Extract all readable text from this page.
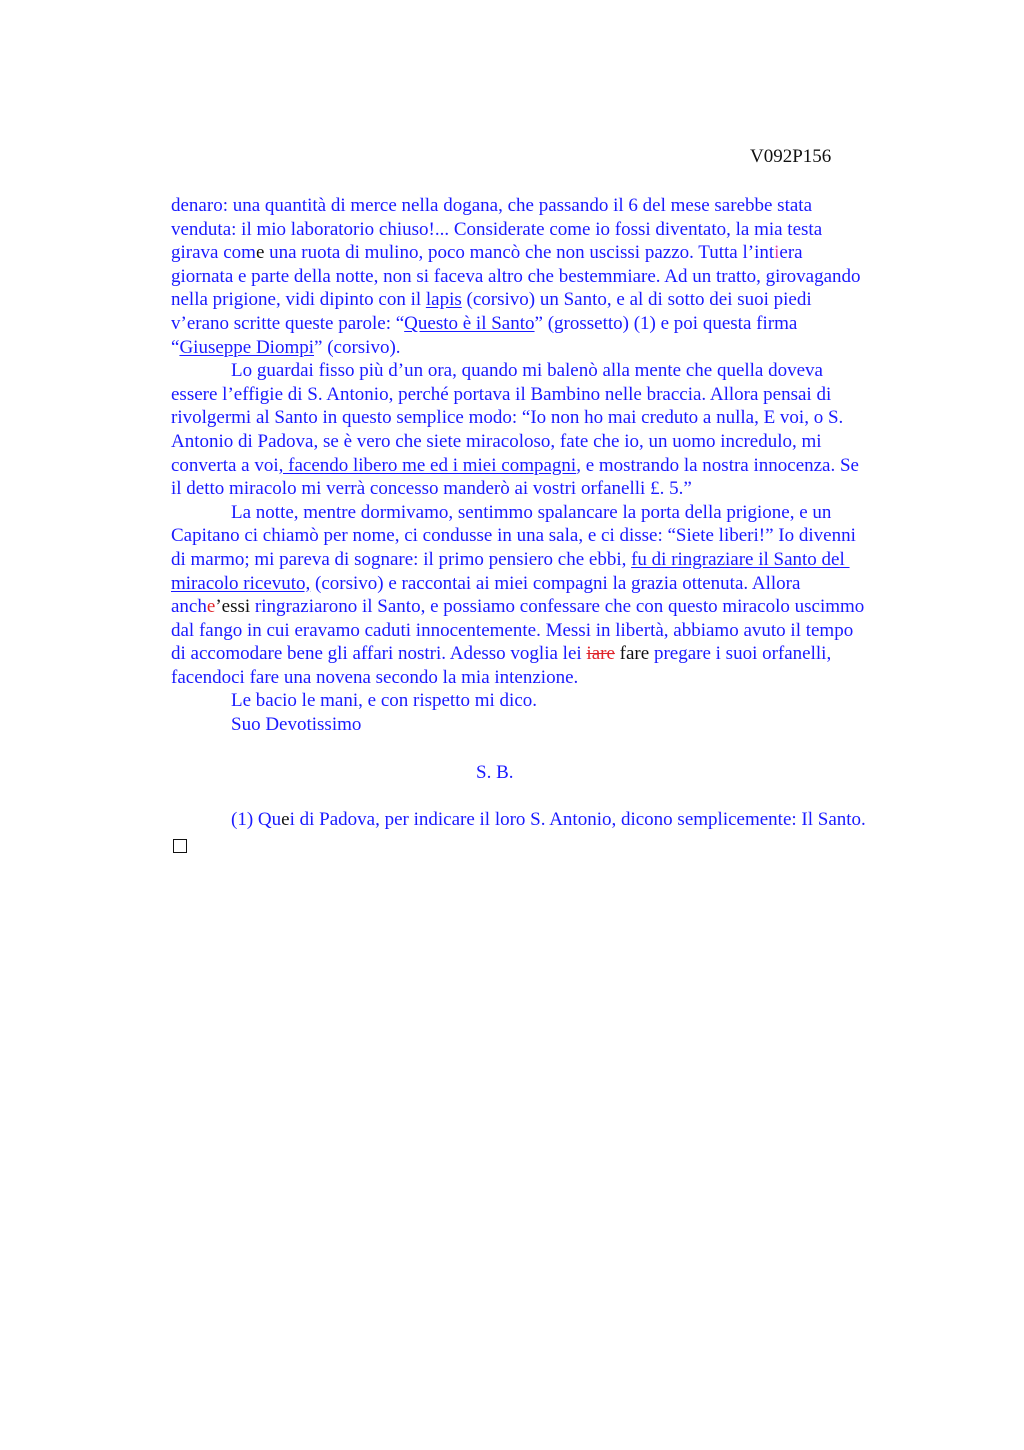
V092P156
denaro: una quantità di merce nella dogana, che passando il 6 del mese sarebbe stata
venduta: il mio laboratorio chiuso!... Considerate come io fossi diventato, la mia testa
girava come una ruota di mulino, poco mancò che non uscissi pazzo. Tutta l’intiera
giornata e parte della notte, non si faceva altro che bestemmiare. Ad un tratto, girovagando
nella prigione, vidi dipinto con il lapis (corsivo) un Santo, e al di sotto dei suoi piedi
v’erano scritte queste parole: “Questo è il Santo” (grossetto) (1) e poi questa firma
“Giuseppe Diompi” (corsivo).
Lo guardai fisso più d’un ora, quando mi balenò alla mente che quella doveva
essere l’effigie di S. Antonio, perché portava il Bambino nelle braccia. Allora pensai di
rivolgermi al Santo in questo semplice modo: “Io non ho mai creduto a nulla, E voi, o S.
Antonio di Padova, se è vero che siete miracoloso, fate che io, un uomo incredulo, mi
converta a voi, facendo libero me ed i miei compagni, e mostrando la nostra innocenza. Se
il detto miracolo mi verrà concesso manderò ai vostri orfanelli £. 5.”
La notte, mentre dormivamo, sentimmo spalancare la porta della prigione, e un
Capitano ci chiamò per nome, ci condusse in una sala, e ci disse: “Siete liberi!” Io divenni
di marmo; mi pareva di sognare: il primo pensiero che ebbi, fu di ringraziare il Santo del
miracolo ricevuto, (corsivo) e raccontai ai miei compagni la grazia ottenuta. Allora
anche’essi ringraziarono il Santo, e possiamo confessare che con questo miracolo uscimmo
dal fango in cui eravamo caduti innocentemente. Messi in libertà, abbiamo avuto il tempo
di accomodare bene gli affari nostri. Adesso voglia lei iare fare pregare i suoi orfanelli,
facendoci fare una novena secondo la mia intenzione.
Le bacio le mani, e con rispetto mi dico.
Suo Devotissimo
S. B.
(1) Quei di Padova, per indicare il loro S. Antonio, dicono semplicemente: Il Santo.
